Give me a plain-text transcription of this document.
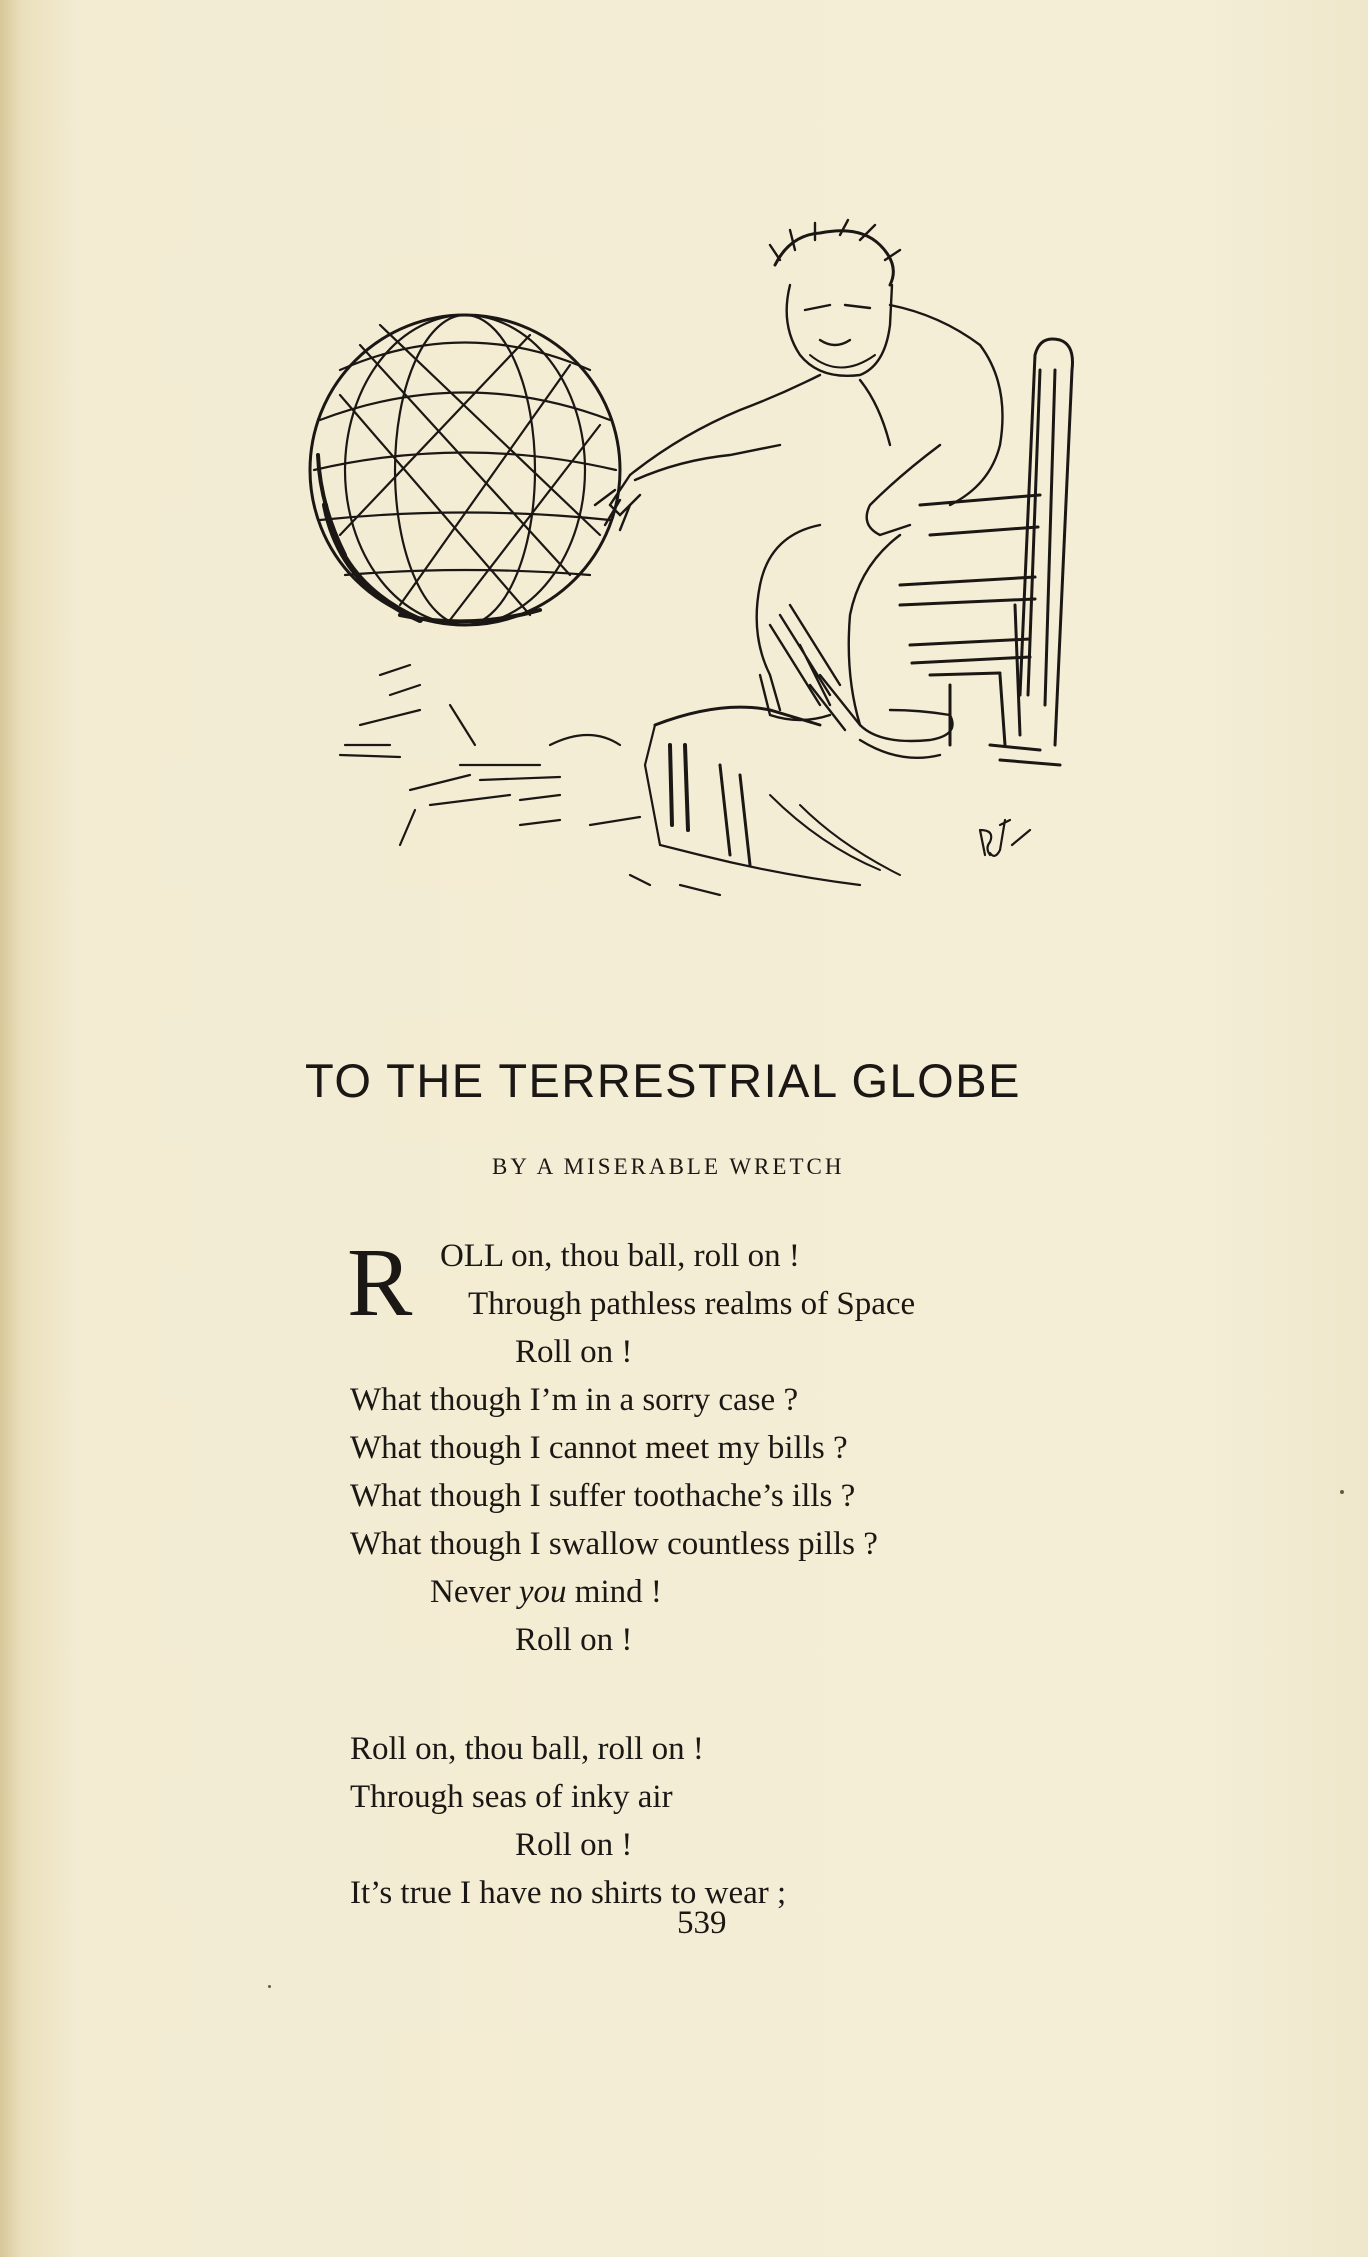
TO THE TERRESTRIAL GLOBE
BY A MISERABLE WRETCH
R OLL on, thou ball, roll on !
Through pathless realms of Space
Roll on !
What though I’m in a sorry case ?
What though I cannot meet my bills ?
What though I suffer toothache’s ills ?
What though I swallow countless pills ?
Never you mind !
Roll on !
Roll on, thou ball, roll on !
Through seas of inky air
Roll on !
It’s true I have no shirts to wear ;
539
